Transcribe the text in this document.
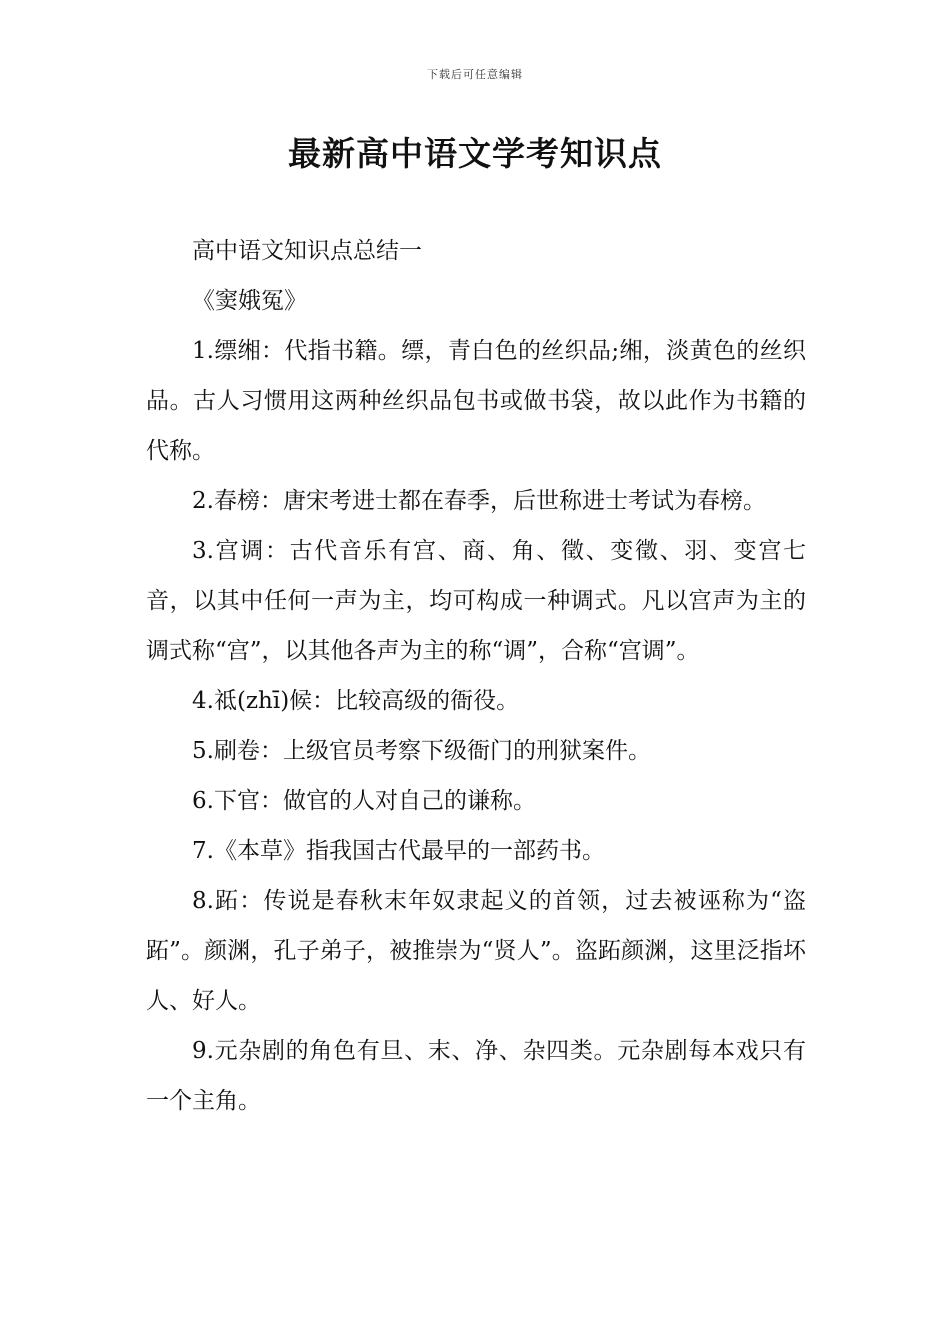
下载后可任意编辑
最新高中语文学考知识点

高中语文知识点总结一

《窦娥冤》

1.缥缃：代指书籍。缥，青白色的丝织品;缃，淡黄色的丝织品。古人习惯用这两种丝织品包书或做书袋，故以此作为书籍的代称。

2.春榜：唐宋考进士都在春季，后世称进士考试为春榜。

3.宫调：古代音乐有宫、商、角、徵、变徵、羽、变宫七音，以其中任何一声为主，均可构成一种调式。凡以宫声为主的调式称“宫”，以其他各声为主的称“调”，合称“宫调”。

4.祗(zhī)候：比较高级的衙役。

5.刷卷：上级官员考察下级衙门的刑狱案件。

6.下官：做官的人对自己的谦称。

7.《本草》指我国古代最早的一部药书。

8.跖：传说是春秋末年奴隶起义的首领，过去被诬称为“盗跖”。颜渊，孔子弟子，被推崇为“贤人”。盗跖颜渊，这里泛指坏人、好人。

9.元杂剧的角色有旦、末、净、杂四类。元杂剧每本戏只有一个主角。
